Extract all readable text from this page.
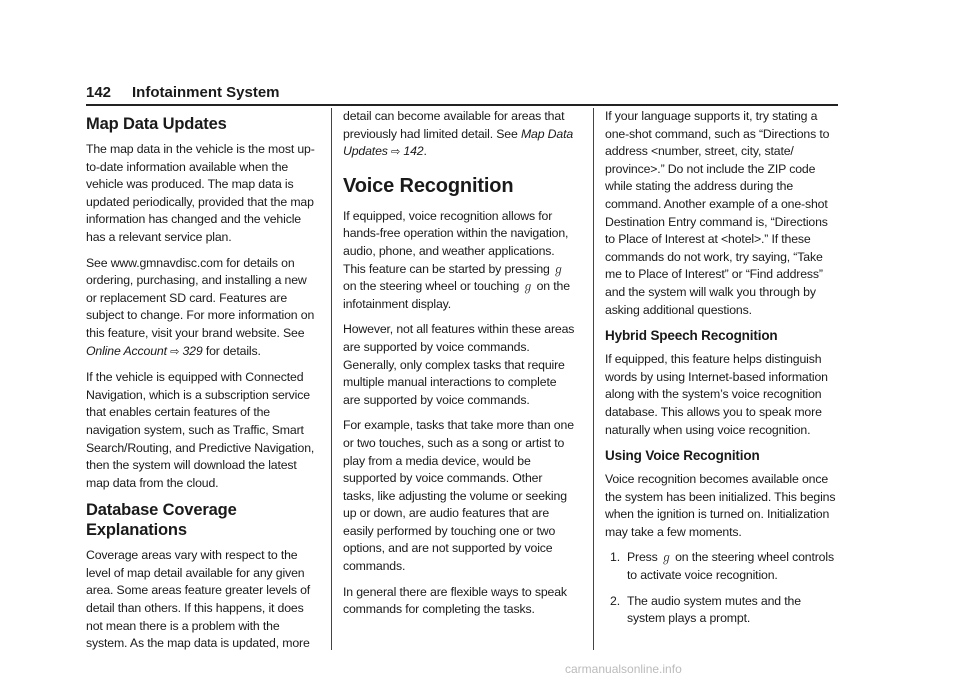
142 Infotainment System
Map Data Updates

The map data in the vehicle is the most up-to-date information available when the vehicle was produced. The map data is updated periodically, provided that the map information has changed and the vehicle has a relevant service plan.

See www.gmnavdisc.com for details on ordering, purchasing, and installing a new or replacement SD card. Features are subject to change. For more information on this feature, visit your brand website. See Online Account ⇨ 329 for details.

If the vehicle is equipped with Connected Navigation, which is a subscription service that enables certain features of the navigation system, such as Traffic, Smart Search/Routing, and Predictive Navigation, then the system will download the latest map data from the cloud.

Database Coverage Explanations

Coverage areas vary with respect to the level of map detail available for any given area. Some areas feature greater levels of detail than others. If this happens, it does not mean there is a problem with the system. As the map data is updated, more

detail can become available for areas that previously had limited detail. See Map Data Updates ⇨ 142.

Voice Recognition

If equipped, voice recognition allows for hands-free operation within the navigation, audio, phone, and weather applications. This feature can be started by pressing ℊ on the steering wheel or touching ℊ on the infotainment display.

However, not all features within these areas are supported by voice commands. Generally, only complex tasks that require multiple manual interactions to complete are supported by voice commands.

For example, tasks that take more than one or two touches, such as a song or artist to play from a media device, would be supported by voice commands. Other tasks, like adjusting the volume or seeking up or down, are audio features that are easily performed by touching one or two options, and are not supported by voice commands.

In general there are flexible ways to speak commands for completing the tasks.

If your language supports it, try stating a one-shot command, such as “Directions to address <number, street, city, state/ province>.” Do not include the ZIP code while stating the address during the command. Another example of a one-shot Destination Entry command is, “Directions to Place of Interest at <hotel>.” If these commands do not work, try saying, “Take me to Place of Interest” or “Find address” and the system will walk you through by asking additional questions.

Hybrid Speech Recognition

If equipped, this feature helps distinguish words by using Internet-based information along with the system’s voice recognition database. This allows you to speak more naturally when using voice recognition.

Using Voice Recognition

Voice recognition becomes available once the system has been initialized. This begins when the ignition is turned on. Initialization may take a few moments.

1. Press ℊ on the steering wheel controls to activate voice recognition.
2. The audio system mutes and the system plays a prompt.
carmanualsonline.info
